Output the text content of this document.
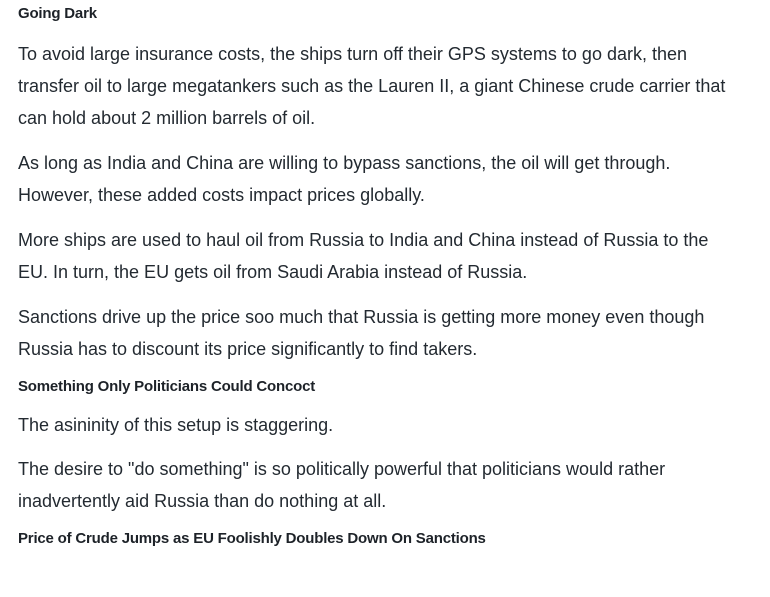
Going Dark

To avoid large insurance costs, the ships turn off their GPS systems to go dark, then transfer oil to large megatankers such as the Lauren II, a giant Chinese crude carrier that can hold about 2 million barrels of oil.

As long as India and China are willing to bypass sanctions, the oil will get through. However, these added costs impact prices globally.

More ships are used to haul oil from Russia to India and China instead of Russia to the EU. In turn, the EU gets oil from Saudi Arabia instead of Russia.

Sanctions drive up the price soo much that Russia is getting more money even though Russia has to discount its price significantly to find takers.

Something Only Politicians Could Concoct

The asininity of this setup is staggering.

The desire to "do something" is so politically powerful that politicians would rather inadvertently aid Russia than do nothing at all.

Price of Crude Jumps as EU Foolishly Doubles Down On Sanctions
